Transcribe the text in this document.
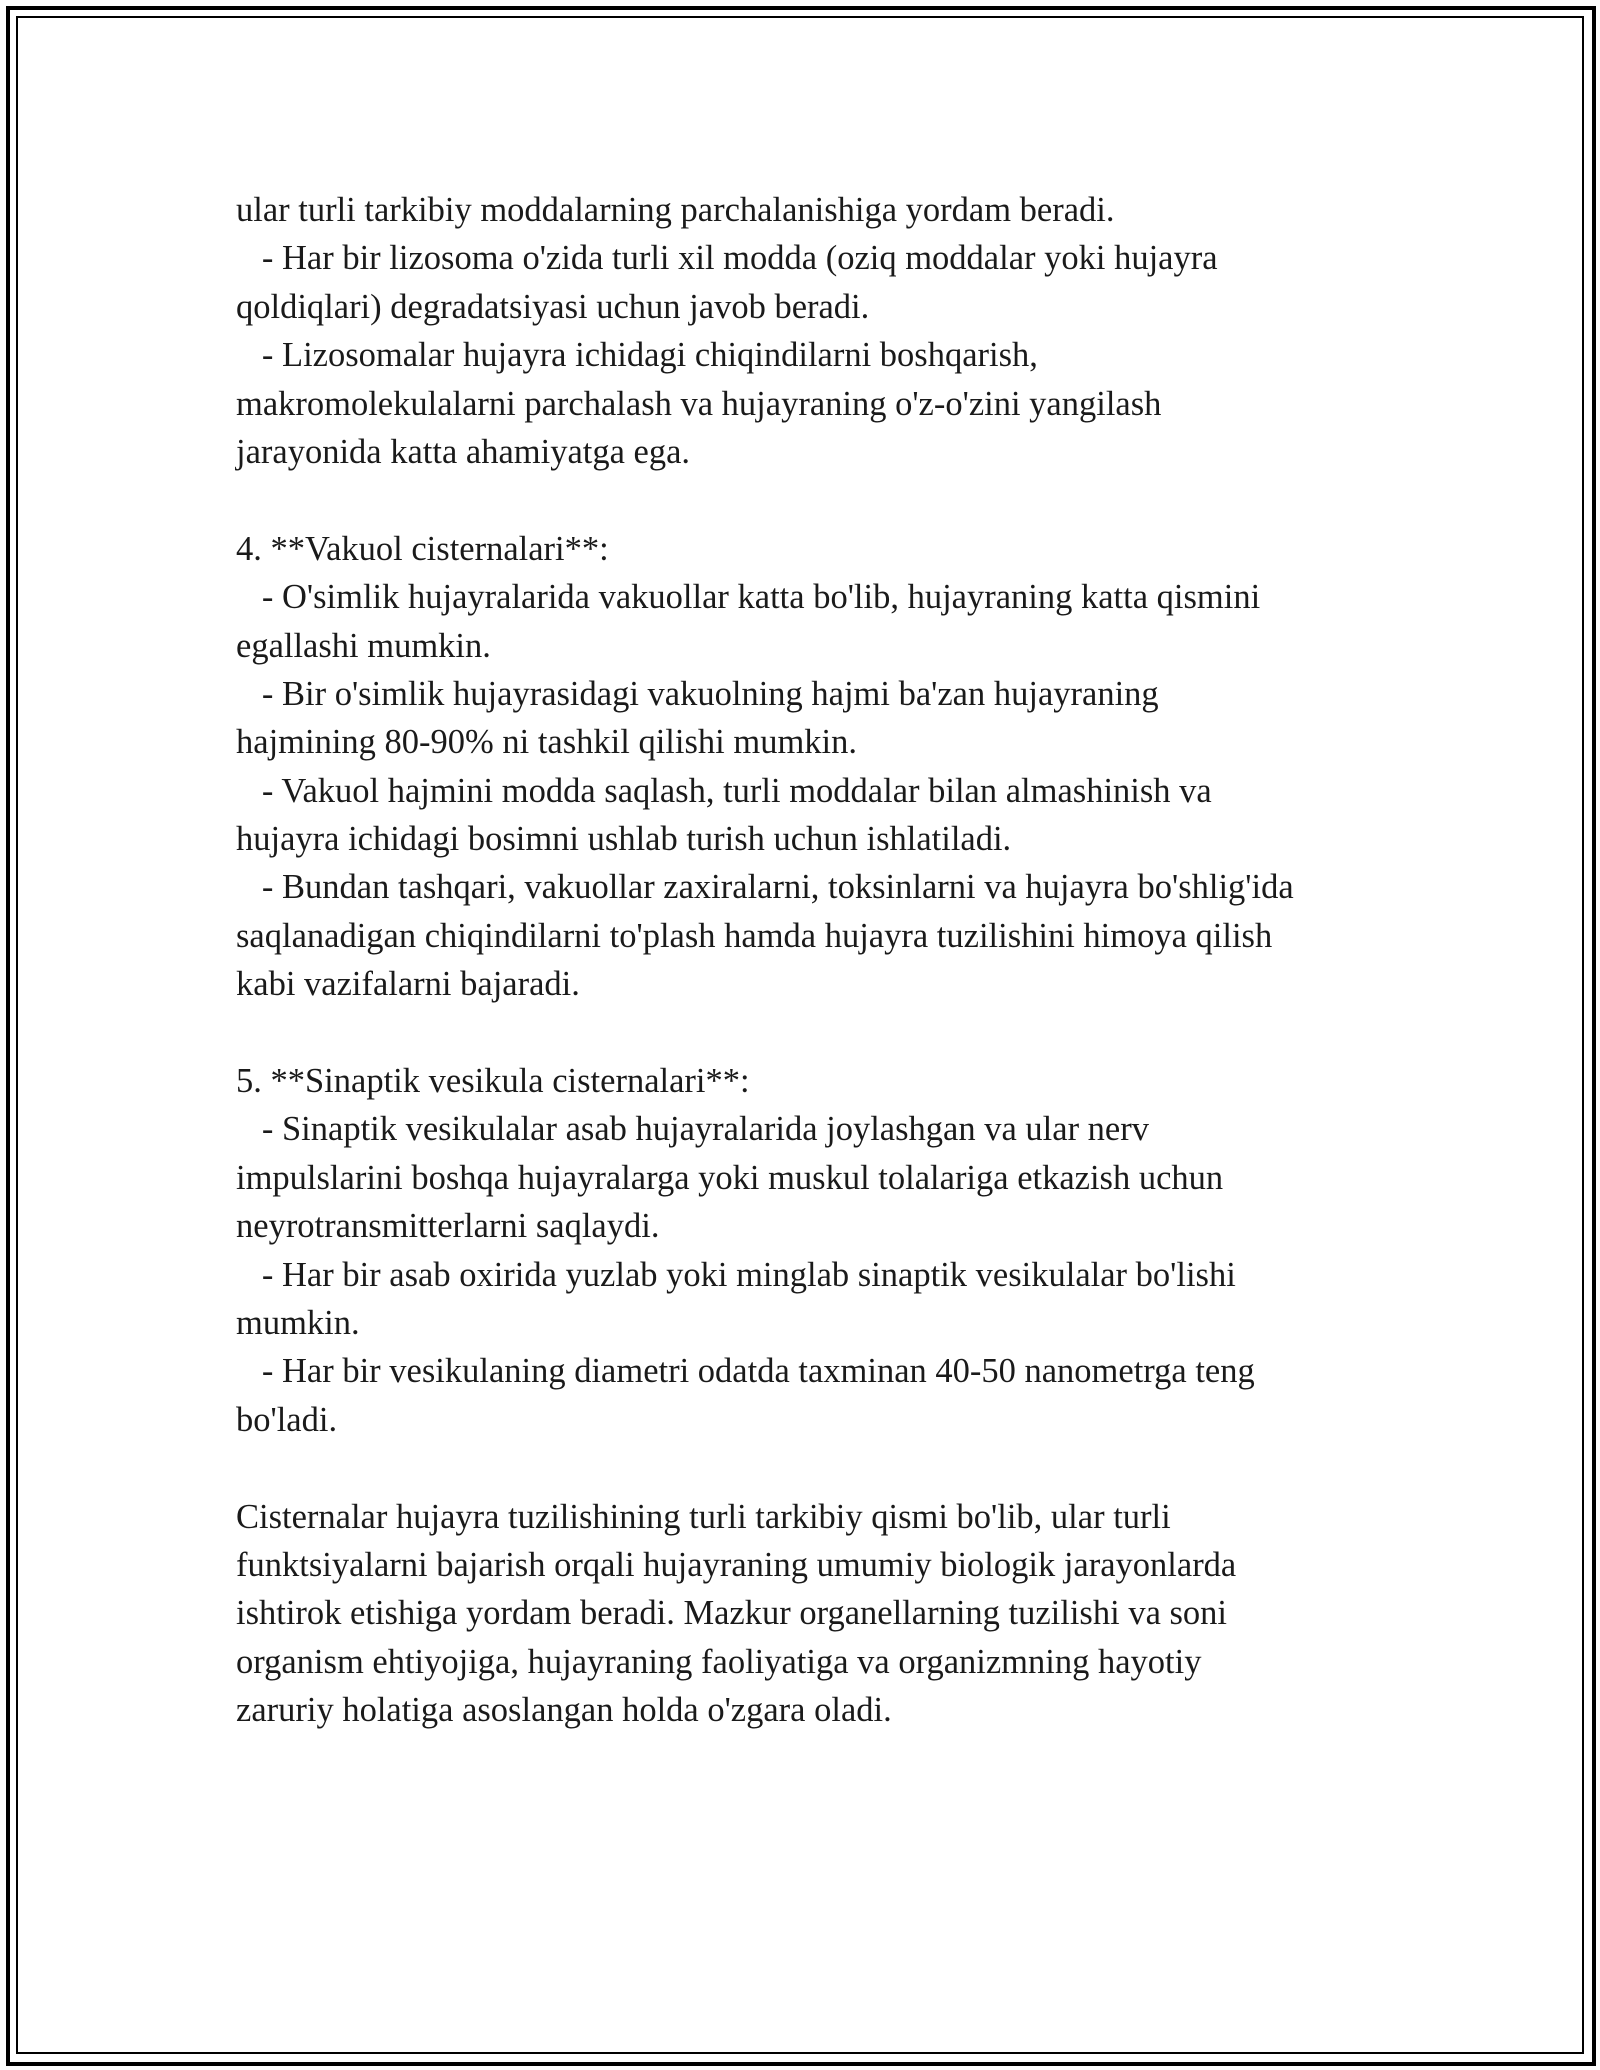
ular turli tarkibiy moddalarning parchalanishiga yordam beradi.
- Har bir lizosoma o'zida turli xil modda (oziq moddalar yoki hujayra
qoldiqlari) degradatsiyasi uchun javob beradi.
- Lizosomalar hujayra ichidagi chiqindilarni boshqarish,
makromolekulalarni parchalash va hujayraning o'z-o'zini yangilash
jarayonida katta ahamiyatga ega.
4. **Vakuol cisternalari**:
- O'simlik hujayralarida vakuollar katta bo'lib, hujayraning katta qismini
egallashi mumkin.
- Bir o'simlik hujayrasidagi vakuolning hajmi ba'zan hujayraning
hajmining 80-90% ni tashkil qilishi mumkin.
- Vakuol hajmini modda saqlash, turli moddalar bilan almashinish va
hujayra ichidagi bosimni ushlab turish uchun ishlatiladi.
- Bundan tashqari, vakuollar zaxiralarni, toksinlarni va hujayra bo'shlig'ida
saqlanadigan chiqindilarni to'plash hamda hujayra tuzilishini himoya qilish
kabi vazifalarni bajaradi.
5. **Sinaptik vesikula cisternalari**:
- Sinaptik vesikulalar asab hujayralarida joylashgan va ular nerv
impulslarini boshqa hujayralarga yoki muskul tolalariga etkazish uchun
neyrotransmitterlarni saqlaydi.
- Har bir asab oxirida yuzlab yoki minglab sinaptik vesikulalar bo'lishi
mumkin.
- Har bir vesikulaning diametri odatda taxminan 40-50 nanometrga teng
bo'ladi.
Cisternalar hujayra tuzilishining turli tarkibiy qismi bo'lib, ular turli
funktsiyalarni bajarish orqali hujayraning umumiy biologik jarayonlarda
ishtirok etishiga yordam beradi. Mazkur organellarning tuzilishi va soni
organism ehtiyojiga, hujayraning faoliyatiga va organizmning hayotiy
zaruriy holatiga asoslangan holda o'zgara oladi.
